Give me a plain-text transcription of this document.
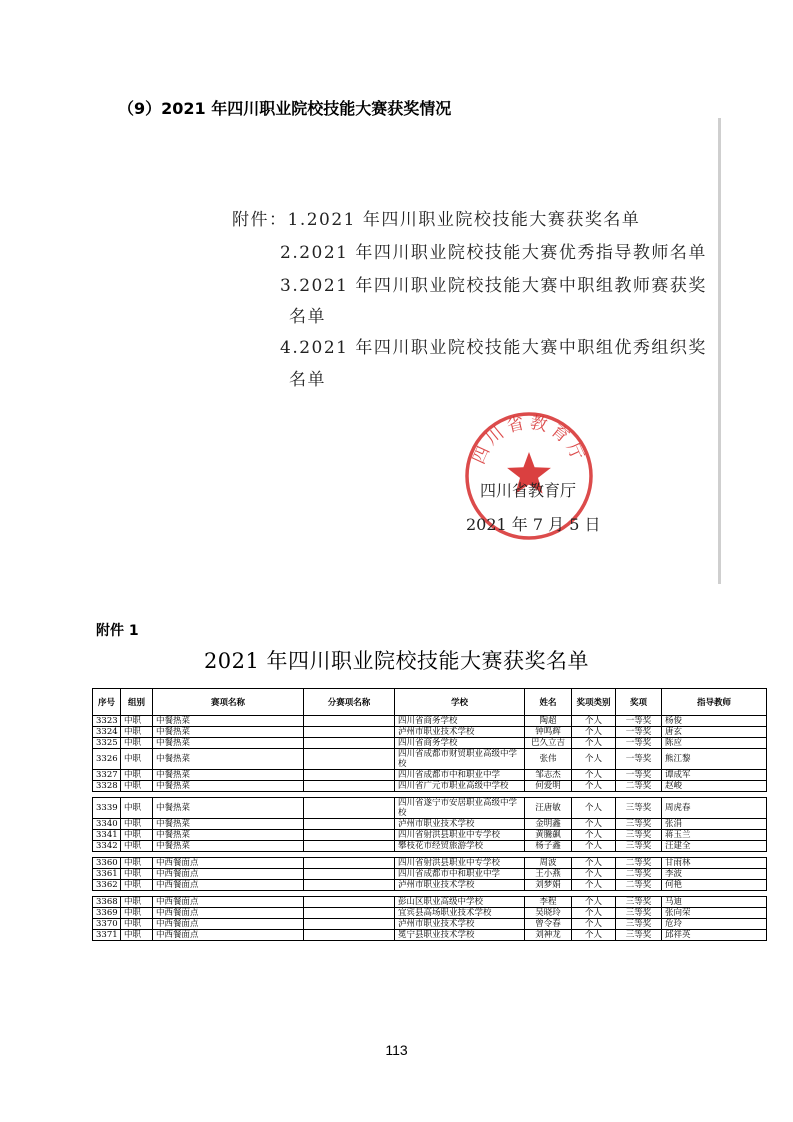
（9）2021 年四川职业院校技能大赛获奖情况
附件：1.2021 年四川职业院校技能大赛获奖名单
2.2021 年四川职业院校技能大赛优秀指导教师名单
3.2021 年四川职业院校技能大赛中职组教师赛获奖
名单
4.2021 年四川职业院校技能大赛中职组优秀组织奖
名单
四川省教育厅
四川省教育厅
2021 年 7 月 5 日
附件 1
2021 年四川职业院校技能大赛获奖名单
序号	组别	赛项名称	分赛项名称	学校	姓名	奖项类别	奖项	指导教师
3323	中职	中餐热菜		四川省商务学校	陶超	个人	一等奖	杨俊
3324	中职	中餐热菜		泸州市职业技术学校	钟鸣辉	个人	一等奖	唐玄
3325	中职	中餐热菜		四川省商务学校	巴久立吉	个人	一等奖	陈应
3326	中职	中餐热菜		四川省成都市财贸职业高级中学校	张伟	个人	一等奖	熊江黎
3327	中职	中餐热菜		四川省成都市中和职业中学	邹志杰	个人	一等奖	谭成军
3328	中职	中餐热菜		四川省广元市职业高级中学校	何爱明	个人	二等奖	赵峻

3339	中职	中餐热菜		四川省遂宁市安居职业高级中学校	汪唐敏	个人	三等奖	周虎春
3340	中职	中餐热菜		泸州市职业技术学校	金明鑫	个人	三等奖	张涓
3341	中职	中餐热菜		四川省射洪县职业中专学校	黄騰飙	个人	三等奖	蒋玉兰
3342	中职	中餐热菜		攀枝花市经贸旅游学校	杨子鑫	个人	三等奖	汪建全

3360	中职	中西餐面点		四川省射洪县职业中专学校	周波	个人	二等奖	甘雨林
3361	中职	中西餐面点		四川省成都市中和职业中学	王小燕	个人	二等奖	李波
3362	中职	中西餐面点		泸州市职业技术学校	刘梦娟	个人	二等奖	何艳

3368	中职	中西餐面点		彭山区职业高级中学校	李程	个人	三等奖	马迪
3369	中职	中西餐面点		宜宾县高场职业技术学校	吴晓玲	个人	三等奖	张向荣
3370	中职	中西餐面点		泸州市职业技术学校	曾令春	个人	三等奖	危玲
3371	中职	中西餐面点		冕宁县职业技术学校	刘神龙	个人	三等奖	邱祥英
113
